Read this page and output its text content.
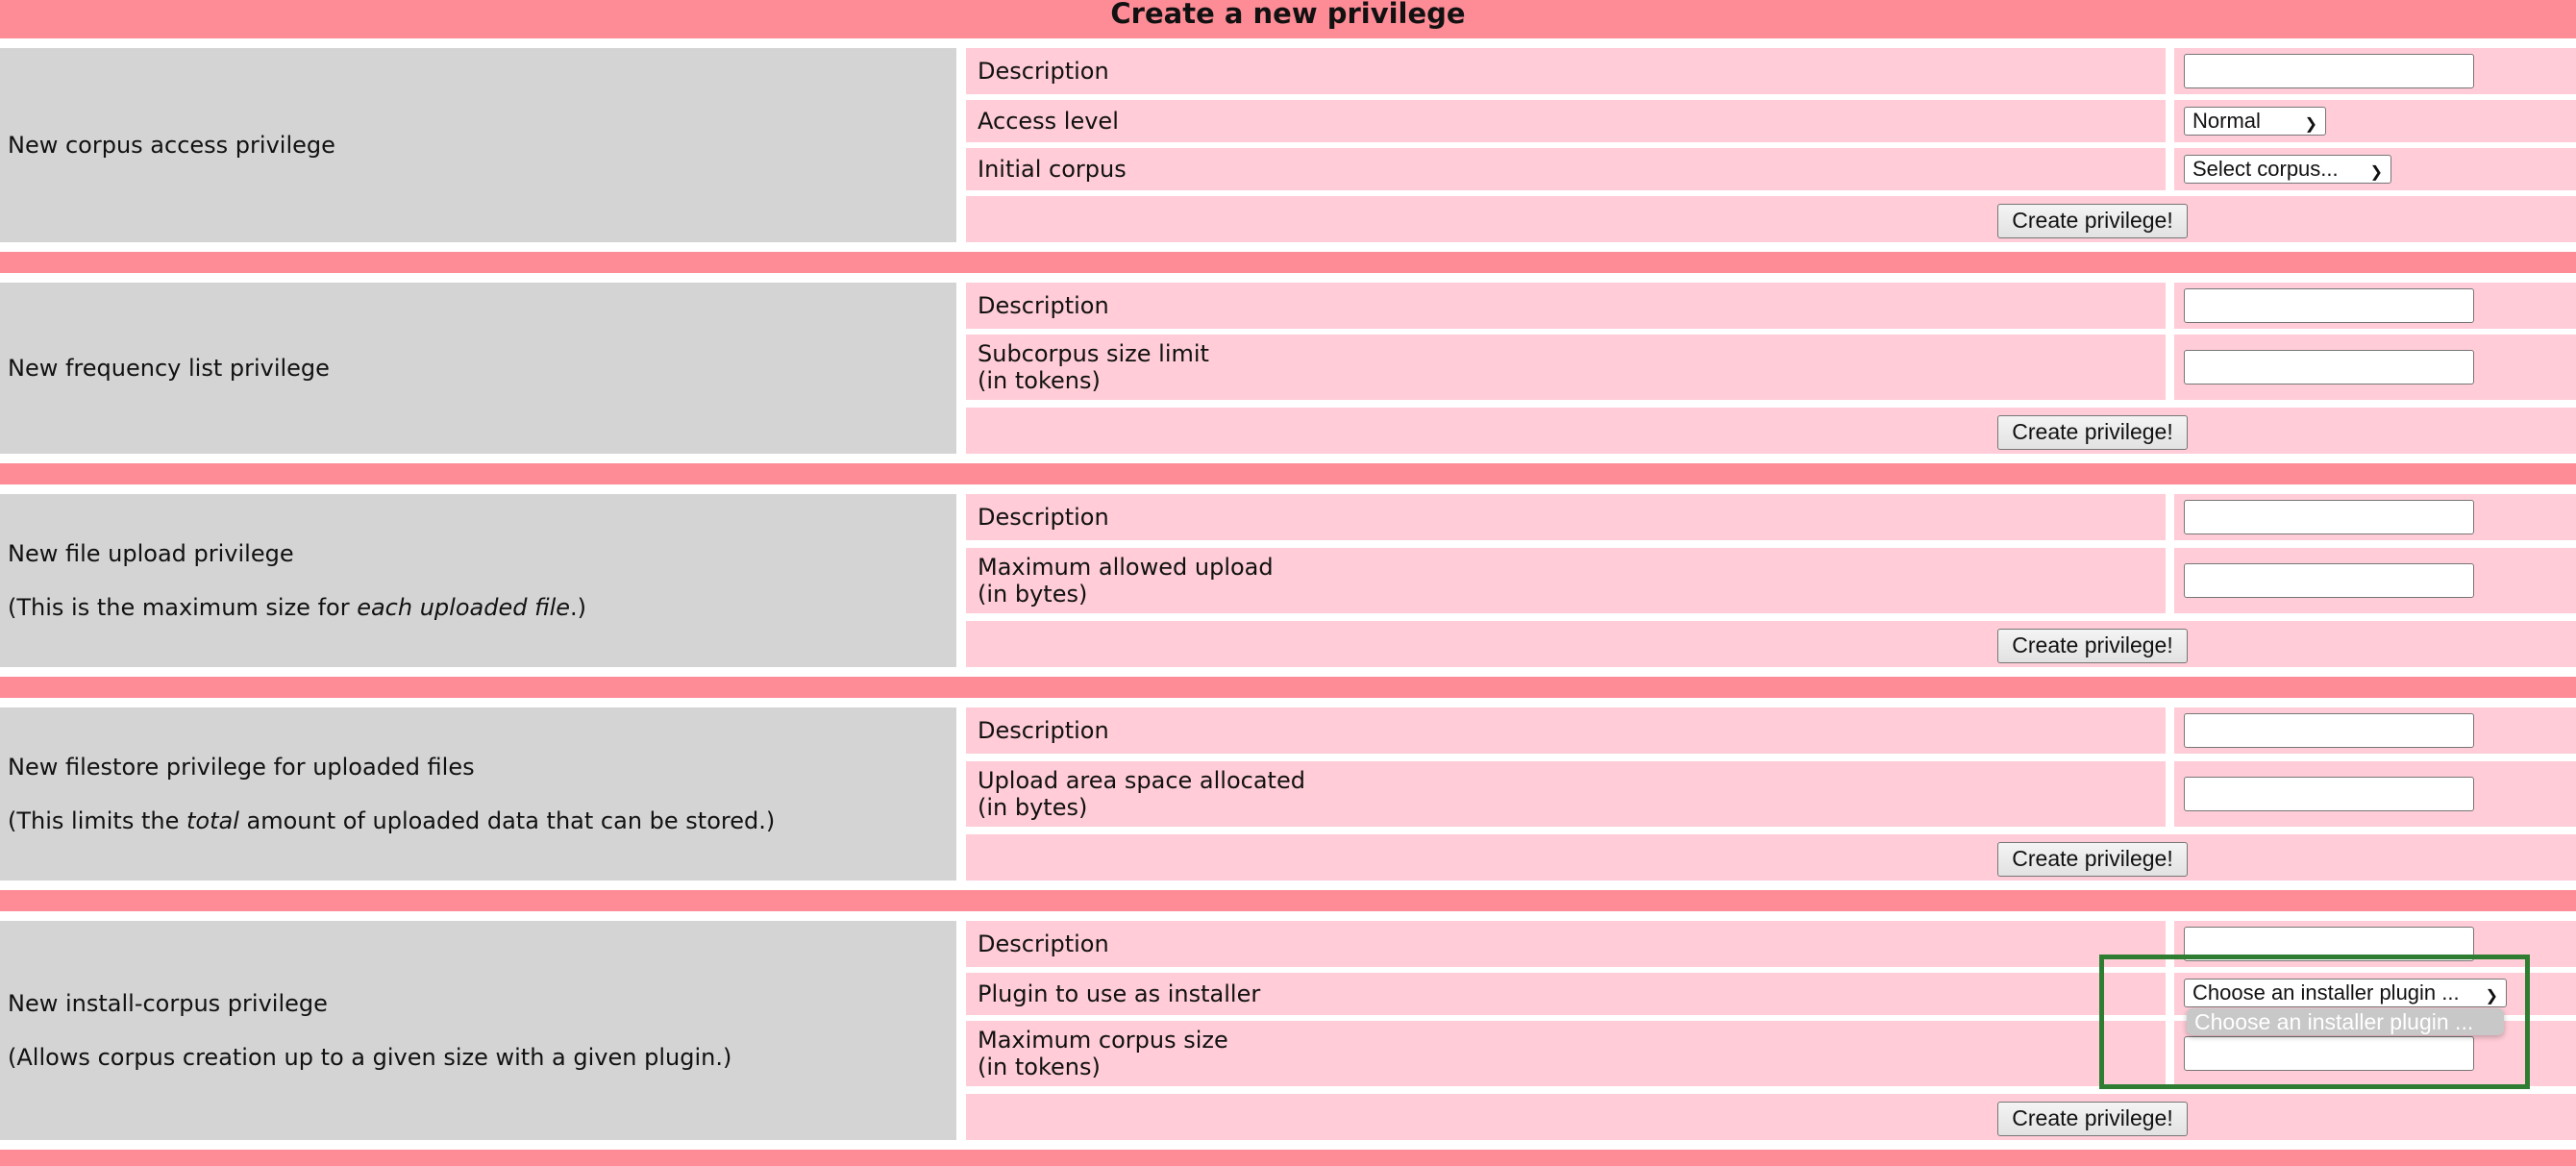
Create a new privilege

New corpus access privilege

Description
Access level	Normal	❯
Initial corpus	Select corpus... ❯
Create privilege!

New frequency list privilege

Description
Subcorpus size limit
(in tokens)
Create privilege!

New file upload privilege

(This is the maximum size for each uploaded file.)

Description
Maximum allowed upload
(in bytes)
Create privilege!

New filestore privilege for uploaded files

(This limits the total amount of uploaded data that can be stored.)

Description
Upload area space allocated
(in bytes)
Create privilege!

New install-corpus privilege

(Allows corpus creation up to a given size with a given plugin.)

Description
Plugin to use as installer	Choose an installer plugin ... ❯
Maximum corpus size
(in tokens)
Create privilege!
Choose an installer plugin ...
